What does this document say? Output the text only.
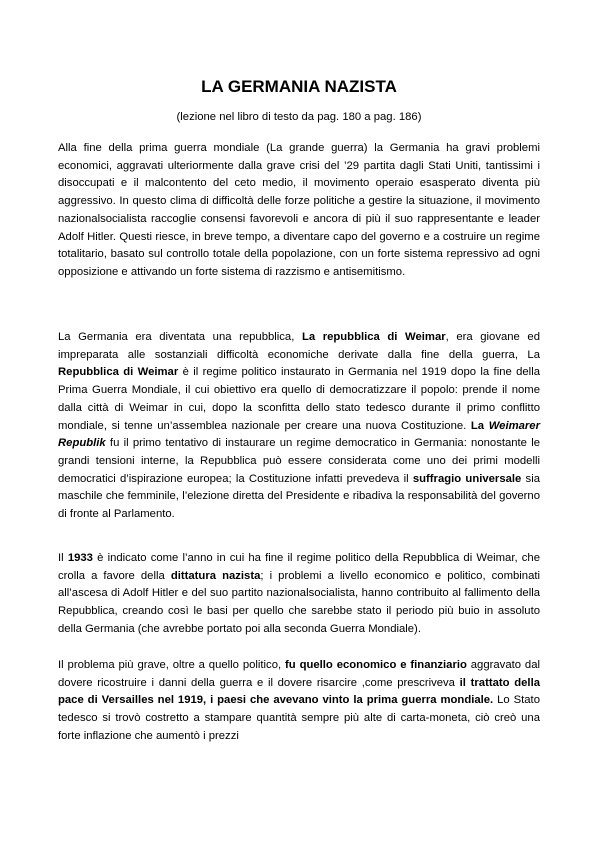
LA GERMANIA NAZISTA
(lezione nel libro di testo da pag. 180 a pag. 186)
Alla fine della prima guerra mondiale (La grande guerra) la Germania ha gravi problemi economici, aggravati ulteriormente dalla grave crisi del ’29 partita dagli Stati Uniti, tantissimi i disoccupati e il malcontento del ceto medio, il movimento operaio esasperato diventa più aggressivo. In questo clima di difficoltà delle forze politiche a gestire la situazione, il movimento nazionalsocialista raccoglie consensi favorevoli e ancora di più il suo rappresentante e leader Adolf Hitler. Questi riesce, in breve tempo, a diventare capo del governo e a costruire un regime totalitario, basato sul controllo totale della popolazione, con un forte sistema repressivo ad ogni opposizione e attivando un forte sistema di razzismo e antisemitismo.
La Germania era diventata una repubblica, La repubblica di Weimar, era giovane ed impreparata alle sostanziali difficoltà economiche derivate dalla fine della guerra, La Repubblica di Weimar è il regime politico instaurato in Germania nel 1919 dopo la fine della Prima Guerra Mondiale, il cui obiettivo era quello di democratizzare il popolo: prende il nome dalla città di Weimar in cui, dopo la sconfitta dello stato tedesco durante il primo conflitto mondiale, si tenne un’assemblea nazionale per creare una nuova Costituzione. La Weimarer Republik fu il primo tentativo di instaurare un regime democratico in Germania: nonostante le grandi tensioni interne, la Repubblica può essere considerata come uno dei primi modelli democratici d’ispirazione europea; la Costituzione infatti prevedeva il suffragio universale sia maschile che femminile, l’elezione diretta del Presidente e ribadiva la responsabilità del governo di fronte al Parlamento.
Il 1933 è indicato come l’anno in cui ha fine il regime politico della Repubblica di Weimar, che crolla a favore della dittatura nazista; i problemi a livello economico e politico, combinati all’ascesa di Adolf Hitler e del suo partito nazionalsocialista, hanno contribuito al fallimento della Repubblica, creando così le basi per quello che sarebbe stato il periodo più buio in assoluto della Germania (che avrebbe portato poi alla seconda Guerra Mondiale).
Il problema più grave, oltre a quello politico, fu quello economico e finanziario aggravato dal dovere ricostruire i danni della guerra e il dovere risarcire ,come prescriveva il trattato della pace di Versailles nel 1919, i paesi che avevano vinto la prima guerra mondiale. Lo Stato tedesco si trovò costretto a stampare quantità sempre più alte di carta-moneta, ciò creò una forte inflazione che aumentò i prezzi
